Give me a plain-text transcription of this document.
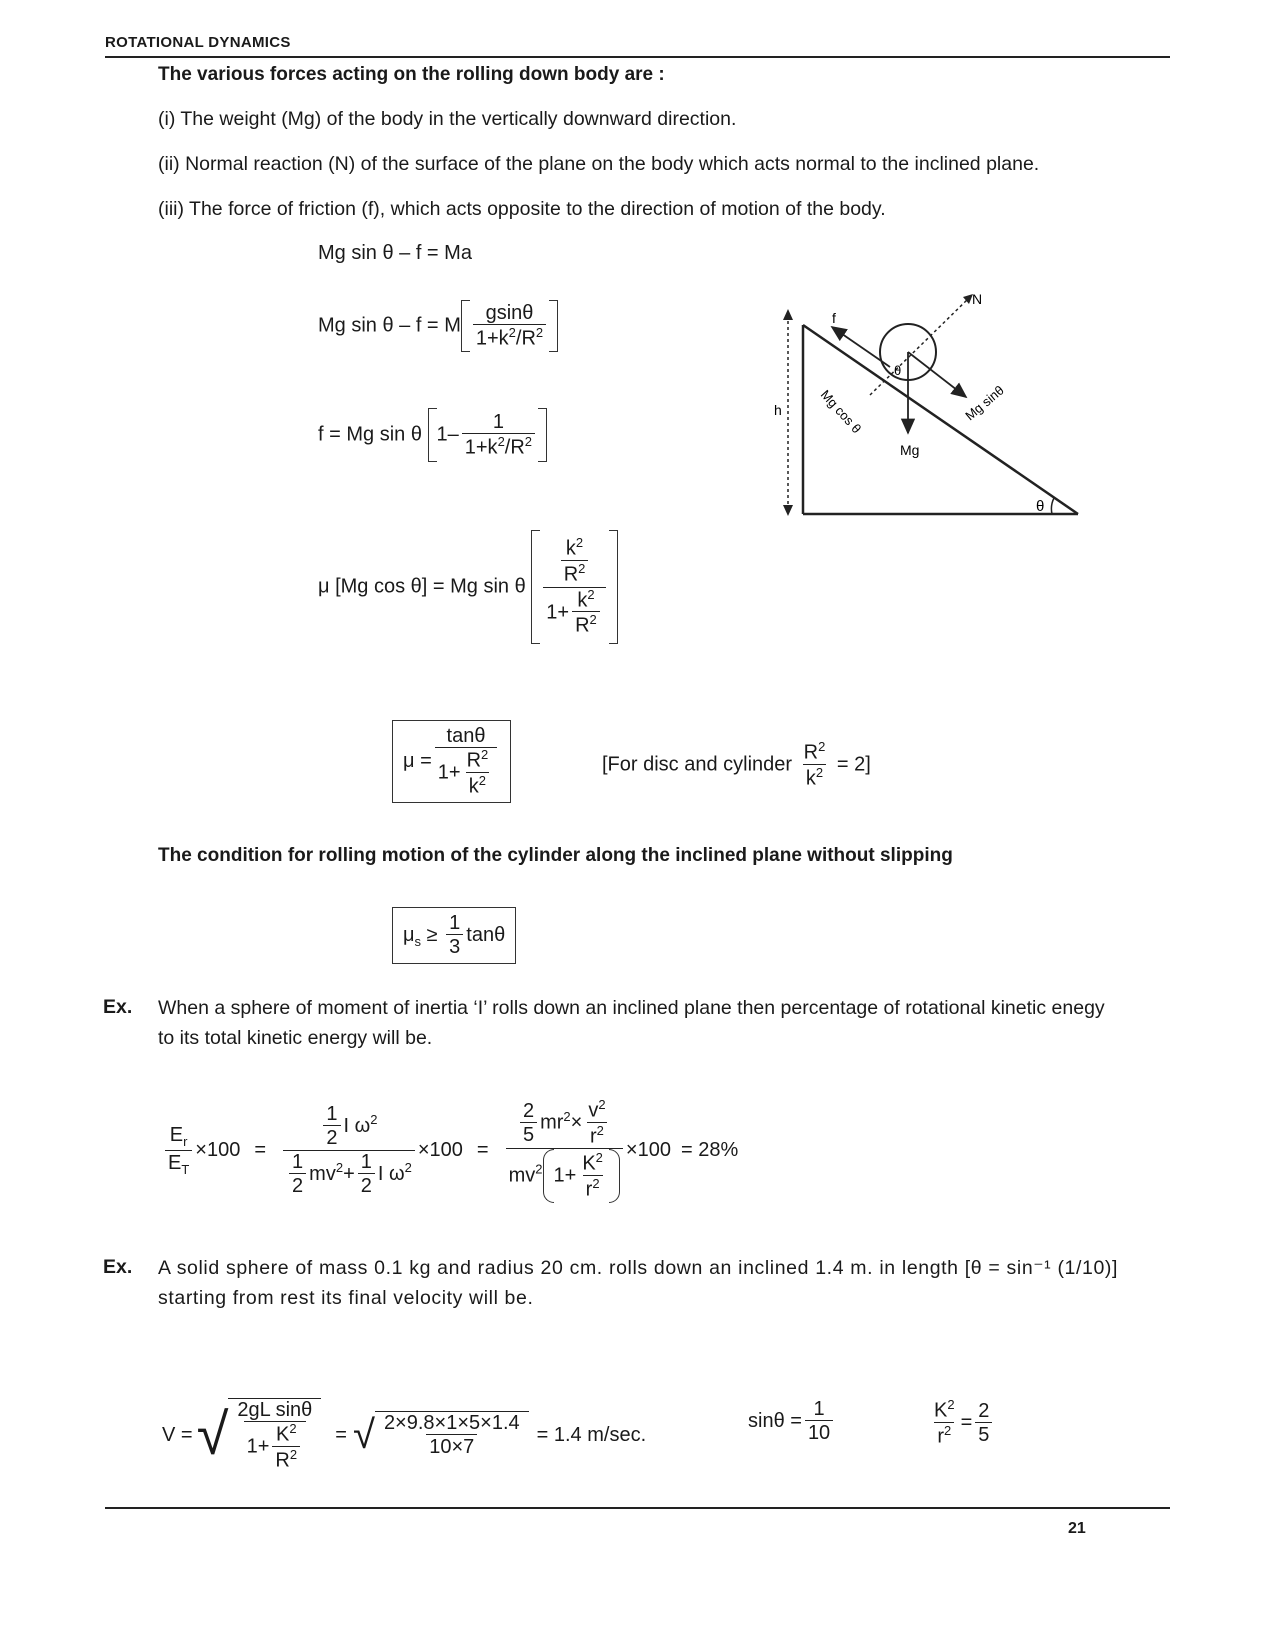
ROTATIONAL DYNAMICS
The various forces acting on the rolling down body are :
(i) The weight (Mg) of the body in the vertically downward direction.
(ii) Normal reaction (N) of the surface of the plane on the body which acts normal to the inclined plane.
(iii) The force of friction (f), which acts opposite to the direction of motion of the body.
Mg sin θ – f = Ma
Mg sin θ – f = M $\frac{gsin\theta}{1+k^2/R^2}$
f = Mg sin θ $1- \frac{1}{1+k^2/R^2}$
μ [Mg cos θ] = Mg sin θ $\frac{\frac{k^2}{R^2}}{1+ \frac{k^2}{R^2}}$
$\mu = \frac{\tan\theta}{1+ \frac{R^2}{k^2}}$	[For disc and cylinder $\frac{R^2}{k^2} = 2$]
The condition for rolling motion of the cylinder along the inclined plane without slipping
$\mu_s \ge \frac{1}{3}$ tanθ
h
f
N
Mg
Mg sinθ
Mg cos θ
θ
θ
Ex. When a sphere of moment of inertia ‘I’ rolls down an inclined plane then percentage of rotational kinetic enegy to its total kinetic energy will be.
$\frac{E_r}{E_T} \times 100 = \frac{\frac{1}{2} I \omega^2}{\frac{1}{2} mv^2+ \frac{1}{2} I \omega^2} \times 100 = \frac{\frac{2}{5} mr^2\times \frac{v^2}{r^2}}{mv^2 1+ \frac{K^2}{r^2}} \times 100 = 28\%$
Ex. A solid sphere of mass 0.1 kg and radius 20 cm. rolls down an inclined 1.4 m. in length [θ = sin⁻¹ (1/10)] starting from rest its final velocity will be.
V = √ $\frac{\text{2gL sinθ}}{1+ \frac{K^2}{R^2}}$ = √ $\frac{2\times 9.8\times 1\times 5\times 1.4}{10\times 7} = 1.4$ m/sec.
$\sin\theta = \frac{1}{10}$	$\frac{K^2}{r^2} = \frac{2}{5}$
21
